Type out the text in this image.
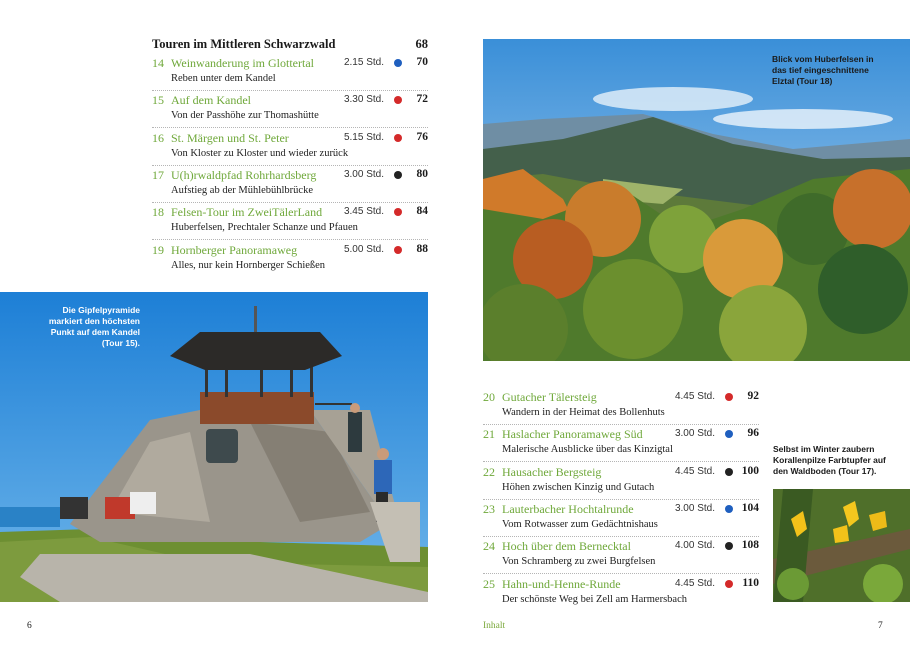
Touren im Mittleren Schwarzwald	68
14 Weinwanderung im Glottertal	2.15 Std.	70
Reben unter dem Kandel
15 Auf dem Kandel	3.30 Std.	72
Von der Passhöhe zur Thomashütte
16 St. Märgen und St. Peter	5.15 Std.	76
Von Kloster zu Kloster und wieder zurück
17 U(h)rwaldpfad Rohrhardsberg	3.00 Std.	80
Aufstieg ab der Mühlebühlbrücke
18 Felsen-Tour im ZweiTälerLand 3.45 Std.	84
Huberfelsen, Prechtaler Schanze und Pfauen
19 Hornberger Panoramaweg	5.00 Std.	88
Alles, nur kein Hornberger Schießen
20 Gutacher Tälersteig	4.45 Std.	92
Wandern in der Heimat des Bollenhuts
21 Haslacher Panoramaweg Süd	3.00 Std.	96
Malerische Ausblicke über das Kinzigtal
22 Hausacher Bergsteig	4.45 Std. 100
Höhen zwischen Kinzig und Gutach
23 Lauterbacher Hochtalrunde	3.00 Std. 104
Vom Rotwasser zum Gedächtnishaus
24 Hoch über dem Bernecktal	4.00 Std. 108
Von Schramberg zu zwei Burgfelsen
25 Hahn-und-Henne-Runde	4.45 Std. 110
Der schönste Weg bei Zell am Harmersbach
Die Gipfelpyramide markiert den höchsten Punkt auf dem Kandel (Tour 15).
Blick vom Huberfelsen in das tief eingeschnittene Elztal (Tour 18)
Selbst im Winter zaubern Korallenpilze Farbtupfer auf den Waldboden (Tour 17).
6	Inhalt	7
